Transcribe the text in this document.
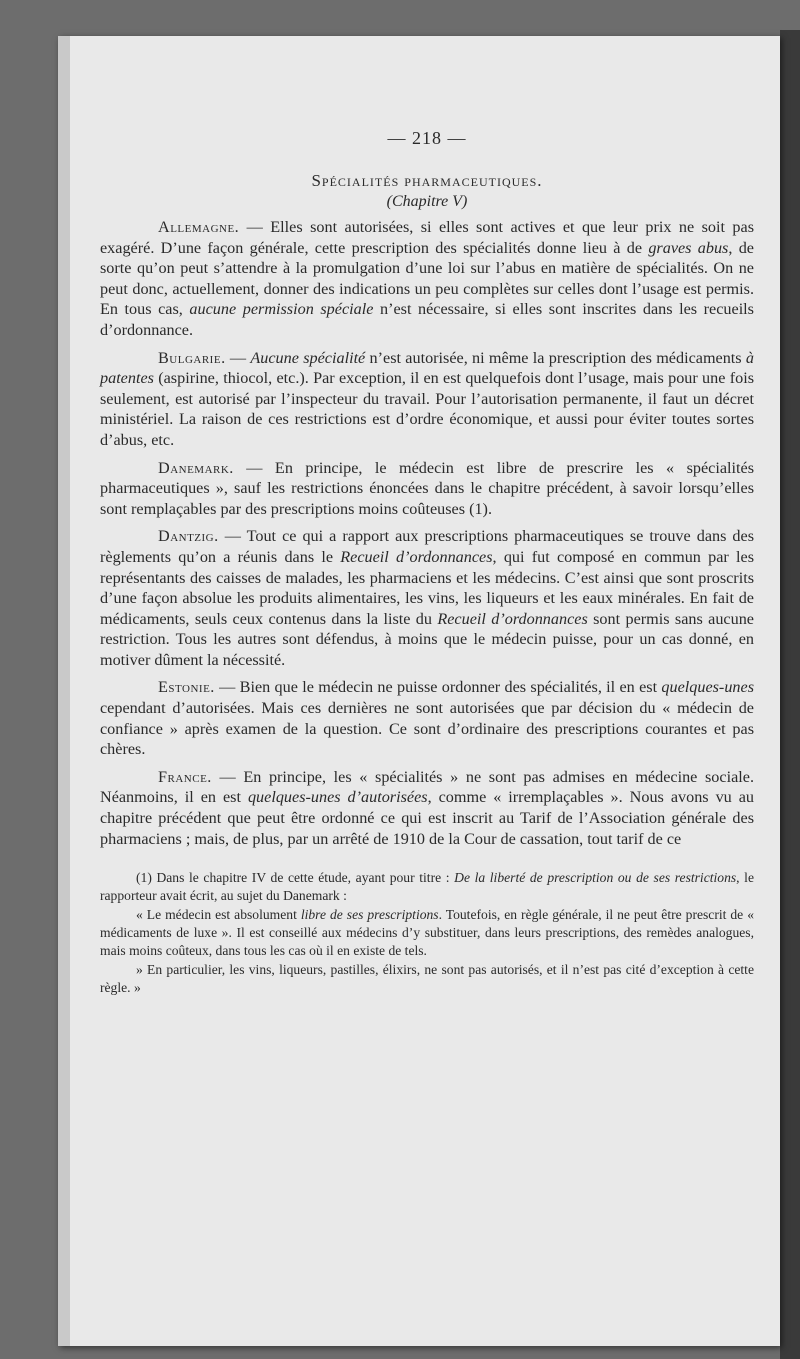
— 218 —
Spécialités pharmaceutiques.
(Chapitre V)

Allemagne. — Elles sont autorisées, si elles sont actives et que leur prix ne soit pas exagéré. D’une façon générale, cette prescription des spécialités donne lieu à de graves abus, de sorte qu’on peut s’attendre à la promulgation d’une loi sur l’abus en matière de spécialités. On ne peut donc, actuellement, donner des indications un peu complètes sur celles dont l’usage est permis. En tous cas, aucune permission spéciale n’est nécessaire, si elles sont inscrites dans les recueils d’ordonnance.

Bulgarie. — Aucune spécialité n’est autorisée, ni même la prescription des médicaments à patentes (aspirine, thiocol, etc.). Par exception, il en est quelquefois dont l’usage, mais pour une fois seulement, est autorisé par l’inspecteur du travail. Pour l’autorisation permanente, il faut un décret ministériel. La raison de ces restrictions est d’ordre économique, et aussi pour éviter toutes sortes d’abus, etc.

Danemark. — En principe, le médecin est libre de prescrire les « spécialités pharmaceutiques », sauf les restrictions énoncées dans le chapitre précédent, à savoir lorsqu’elles sont remplaçables par des prescriptions moins coûteuses (1).

Dantzig. — Tout ce qui a rapport aux prescriptions pharmaceutiques se trouve dans des règlements qu’on a réunis dans le Recueil d’ordonnances, qui fut composé en commun par les représentants des caisses de malades, les pharmaciens et les médecins. C’est ainsi que sont proscrits d’une façon absolue les produits alimentaires, les vins, les liqueurs et les eaux minérales. En fait de médicaments, seuls ceux contenus dans la liste du Recueil d’ordonnances sont permis sans aucune restriction. Tous les autres sont défendus, à moins que le médecin puisse, pour un cas donné, en motiver dûment la nécessité.

Estonie. — Bien que le médecin ne puisse ordonner des spécialités, il en est quelques-unes cependant d’autorisées. Mais ces dernières ne sont autorisées que par décision du « médecin de confiance » après examen de la question. Ce sont d’ordinaire des prescriptions courantes et pas chères.

France. — En principe, les « spécialités » ne sont pas admises en médecine sociale. Néanmoins, il en est quelques-unes d’autorisées, comme « irremplaçables ». Nous avons vu au chapitre précédent que peut être ordonné ce qui est inscrit au Tarif de l’Association générale des pharmaciens ; mais, de plus, par un arrêté de 1910 de la Cour de cassation, tout tarif de ce

(1) Dans le chapitre IV de cette étude, ayant pour titre : De la liberté de prescription ou de ses restrictions, le rapporteur avait écrit, au sujet du Danemark :

« Le médecin est absolument libre de ses prescriptions. Toutefois, en règle générale, il ne peut être prescrit de « médicaments de luxe ». Il est conseillé aux médecins d’y substituer, dans leurs prescriptions, des remèdes analogues, mais moins coûteux, dans tous les cas où il en existe de tels.

» En particulier, les vins, liqueurs, pastilles, élixirs, ne sont pas autorisés, et il n’est pas cité d’exception à cette règle. »
